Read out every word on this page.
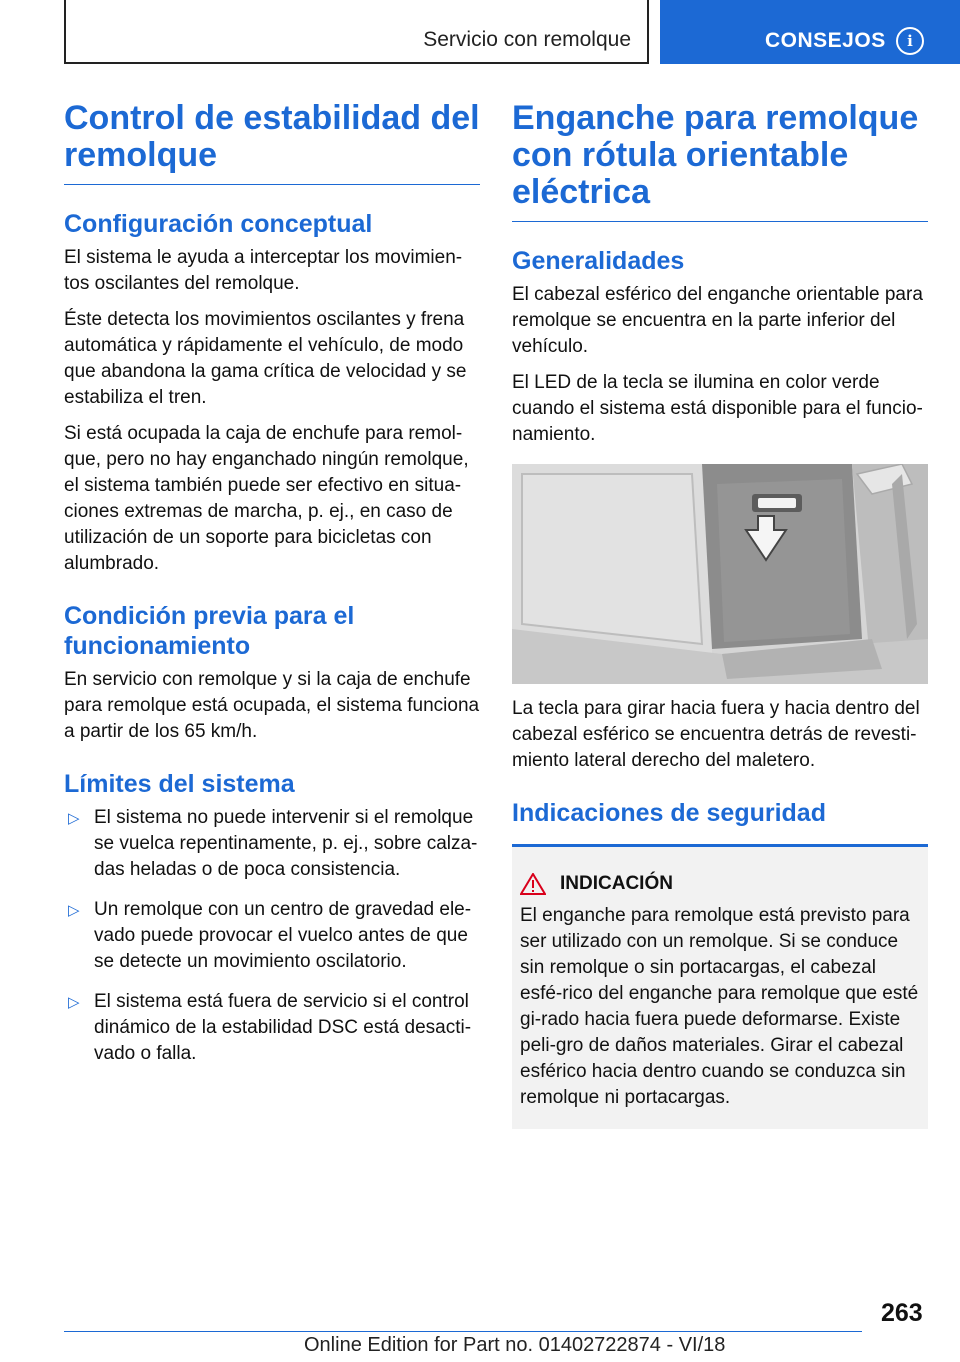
Servicio con remolque	CONSEJOS	i
Control de estabilidad del remolque
Configuración conceptual

El sistema le ayuda a interceptar los movimien‐tos oscilantes del remolque.

Éste detecta los movimientos oscilantes y frena automática y rápidamente el vehículo, de modo que abandona la gama crítica de velocidad y se estabiliza el tren.

Si está ocupada la caja de enchufe para remol‐que, pero no hay enganchado ningún remolque, el sistema también puede ser efectivo en situa‐ciones extremas de marcha, p. ej., en caso de utilización de un soporte para bicicletas con alumbrado.

Condición previa para el funcionamiento

En servicio con remolque y si la caja de enchufe para remolque está ocupada, el sistema funciona a partir de los 65 km/h.

Límites del sistema
▷ El sistema no puede intervenir si el remolque se vuelca repentinamente, p. ej., sobre calza‐das heladas o de poca consistencia.
▷ Un remolque con un centro de gravedad ele‐vado puede provocar el vuelco antes de que se detecte un movimiento oscilatorio.
▷ El sistema está fuera de servicio si el control dinámico de la estabilidad DSC está desacti‐vado o falla.
Enganche para remolque con rótula orientable eléctrica
Generalidades

El cabezal esférico del enganche orientable para remolque se encuentra en la parte inferior del vehículo.

El LED de la tecla se ilumina en color verde cuando el sistema está disponible para el funcio‐namiento.

La tecla para girar hacia fuera y hacia dentro del cabezal esférico se encuentra detrás de revesti‐miento lateral derecho del maletero.

Indicaciones de seguridad
INDICACIÓN

El enganche para remolque está previsto para ser utilizado con un remolque. Si se conduce sin remolque o sin portacargas, el cabezal esfé‐rico del enganche para remolque que esté gi‐rado hacia fuera puede deformarse. Existe peli‐gro de daños materiales. Girar el cabezal esférico hacia dentro cuando se conduzca sin remolque ni portacargas.

263
Online Edition for Part no. 01402722874 - VI/18
